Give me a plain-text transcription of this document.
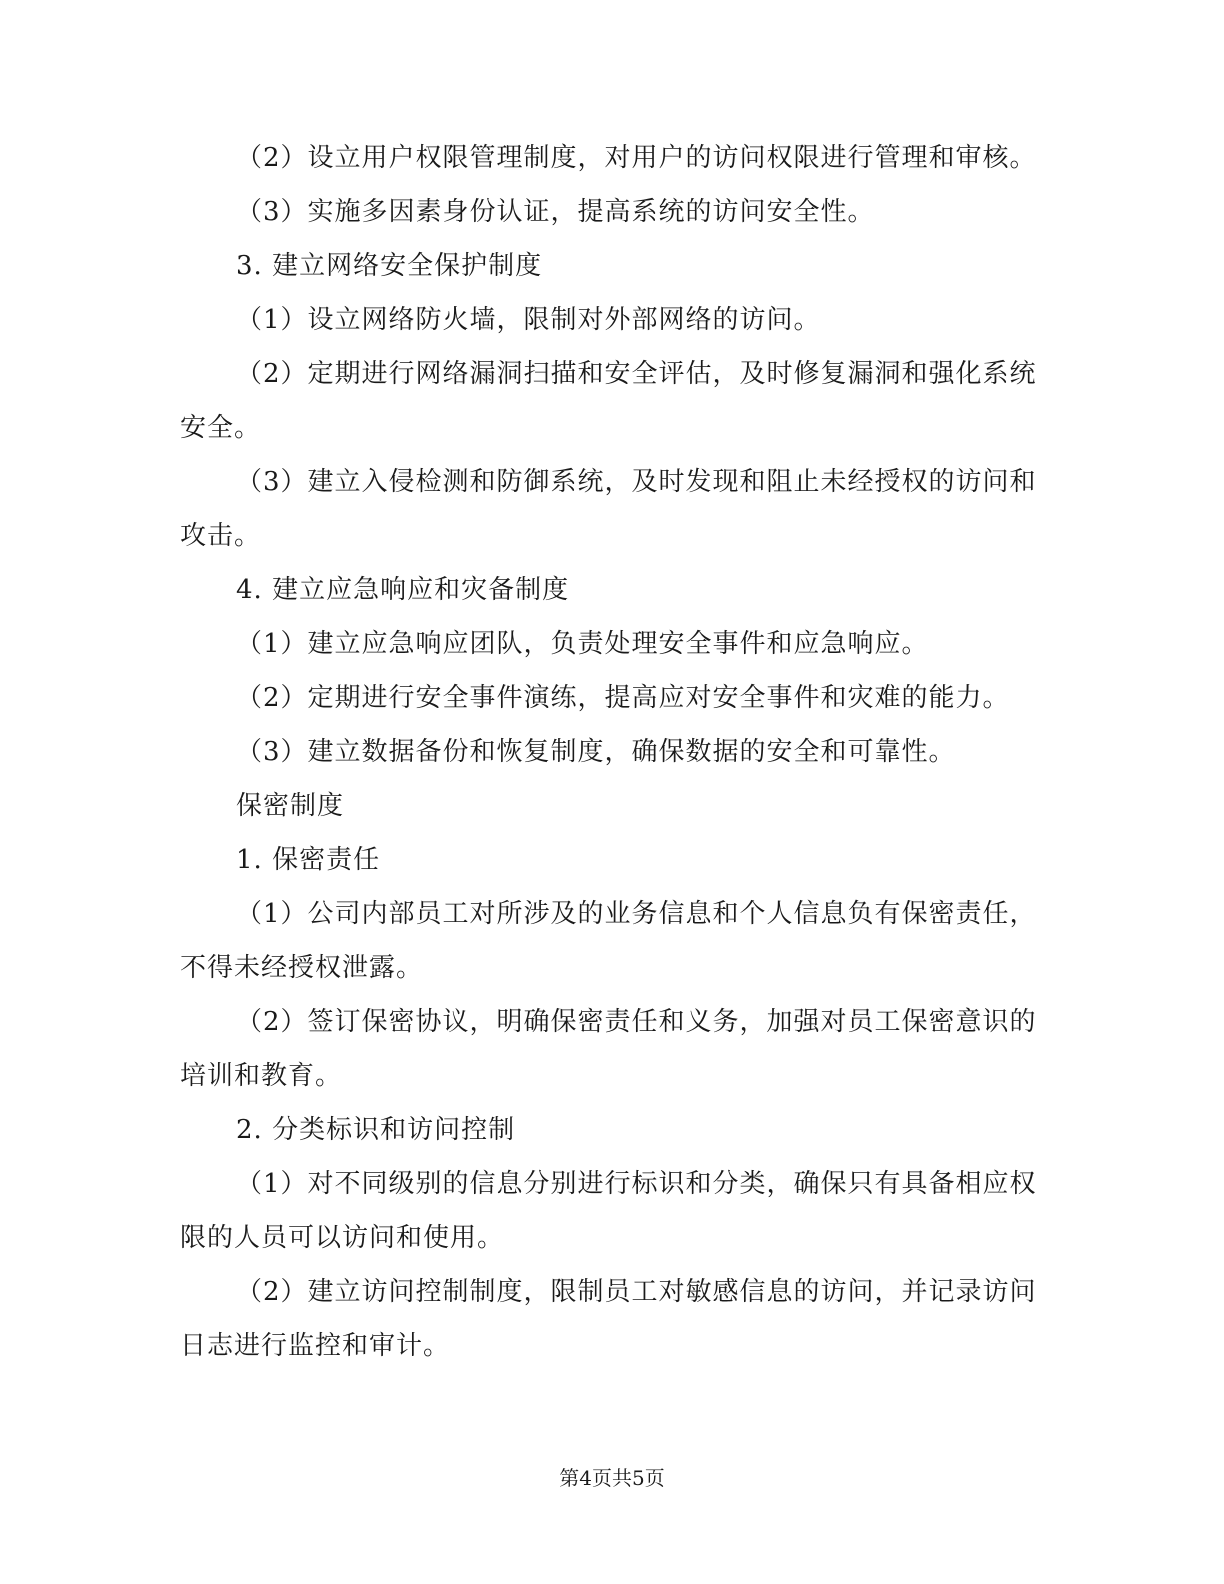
（2）设立用户权限管理制度，对用户的访问权限进行管理和审核。

（3）实施多因素身份认证，提高系统的访问安全性。

3. 建立网络安全保护制度

（1）设立网络防火墙，限制对外部网络的访问。

（2）定期进行网络漏洞扫描和安全评估，及时修复漏洞和强化系统安全。

（3）建立入侵检测和防御系统，及时发现和阻止未经授权的访问和攻击。

4. 建立应急响应和灾备制度

（1）建立应急响应团队，负责处理安全事件和应急响应。

（2）定期进行安全事件演练，提高应对安全事件和灾难的能力。

（3）建立数据备份和恢复制度，确保数据的安全和可靠性。

保密制度

1. 保密责任

（1）公司内部员工对所涉及的业务信息和个人信息负有保密责任，不得未经授权泄露。

（2）签订保密协议，明确保密责任和义务，加强对员工保密意识的培训和教育。

2. 分类标识和访问控制

（1）对不同级别的信息分别进行标识和分类，确保只有具备相应权限的人员可以访问和使用。

（2）建立访问控制制度，限制员工对敏感信息的访问，并记录访问日志进行监控和审计。

第4页共5页
